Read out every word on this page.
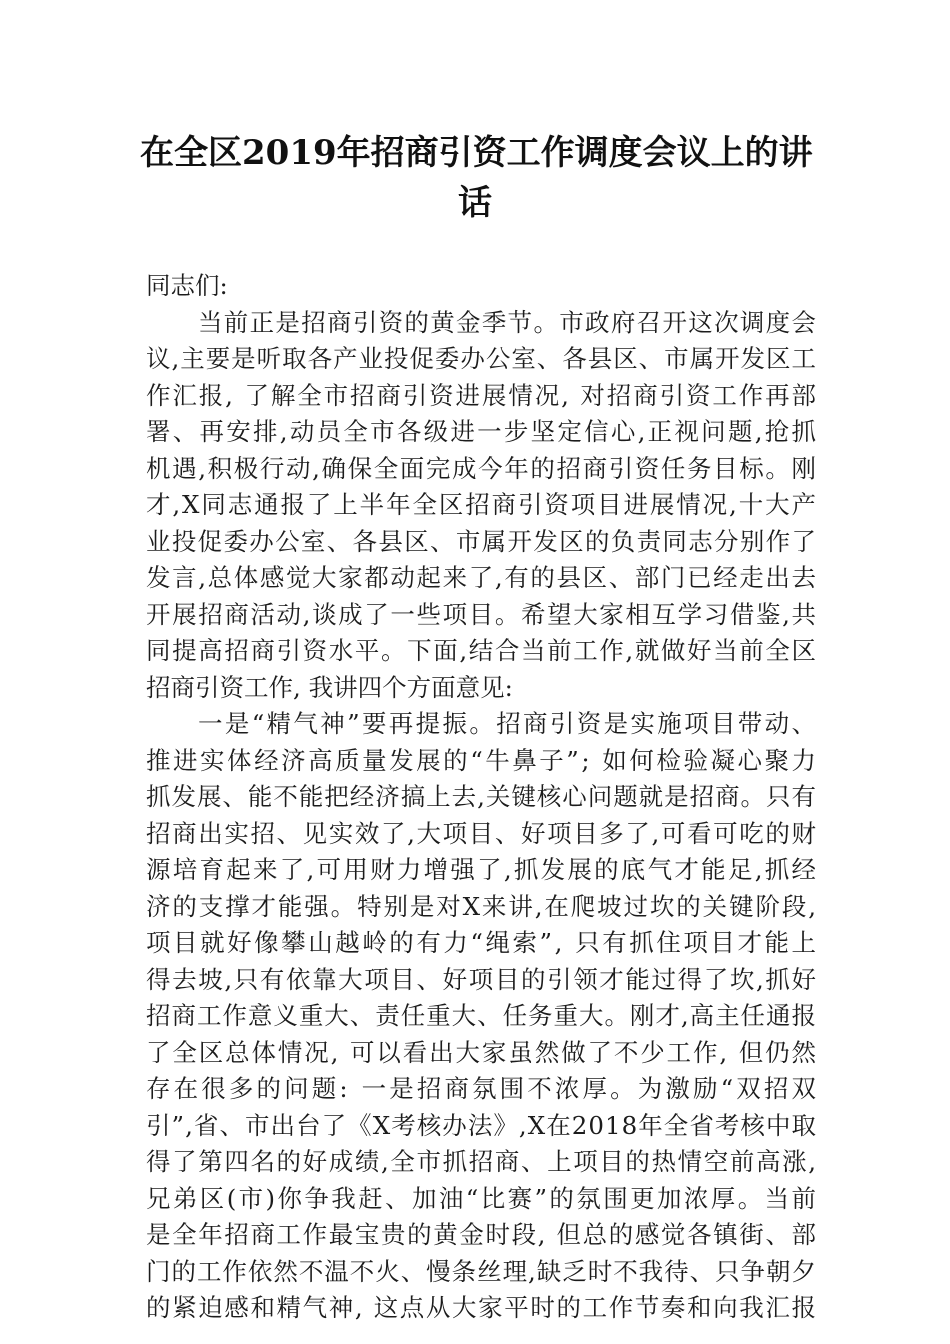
在全区2019年招商引资工作调度会议上的讲
话
同志们:
当前正是招商引资的黄金季节。市政府召开这次调度会
议,主要是听取各产业投促委办公室、各县区、市属开发区工
作汇报, 了解全市招商引资进展情况, 对招商引资工作再部
署、再安排,动员全市各级进一步坚定信心,正视问题,抢抓
机遇,积极行动,确保全面完成今年的招商引资任务目标。刚
才,X同志通报了上半年全区招商引资项目进展情况,十大产
业投促委办公室、各县区、市属开发区的负责同志分别作了
发言,总体感觉大家都动起来了,有的县区、部门已经走出去
开展招商活动,谈成了一些项目。希望大家相互学习借鉴,共
同提高招商引资水平。下面,结合当前工作,就做好当前全区
招商引资工作, 我讲四个方面意见:
一是“精气神”要再提振。招商引资是实施项目带动、
推进实体经济高质量发展的“牛鼻子”; 如何检验凝心聚力
抓发展、能不能把经济搞上去,关键核心问题就是招商。只有
招商出实招、见实效了,大项目、好项目多了,可看可吃的财
源培育起来了,可用财力增强了,抓发展的底气才能足,抓经
济的支撑才能强。特别是对X来讲,在爬坡过坎的关键阶段,
项目就好像攀山越岭的有力“绳索”, 只有抓住项目才能上
得去坡,只有依靠大项目、好项目的引领才能过得了坎,抓好
招商工作意义重大、责任重大、任务重大。刚才,高主任通报
了全区总体情况, 可以看出大家虽然做了不少工作, 但仍然
存在很多的问题: 一是招商氛围不浓厚。为激励“双招双
引”,省、市出台了《X考核办法》,X在2018年全省考核中取
得了第四名的好成绩,全市抓招商、上项目的热情空前高涨,
兄弟区(市)你争我赶、加油“比赛”的氛围更加浓厚。当前
是全年招商工作最宝贵的黄金时段, 但总的感觉各镇街、部
门的工作依然不温不火、慢条丝理,缺乏时不我待、只争朝夕
的紧迫感和精气神, 这点从大家平时的工作节奏和向我汇报
